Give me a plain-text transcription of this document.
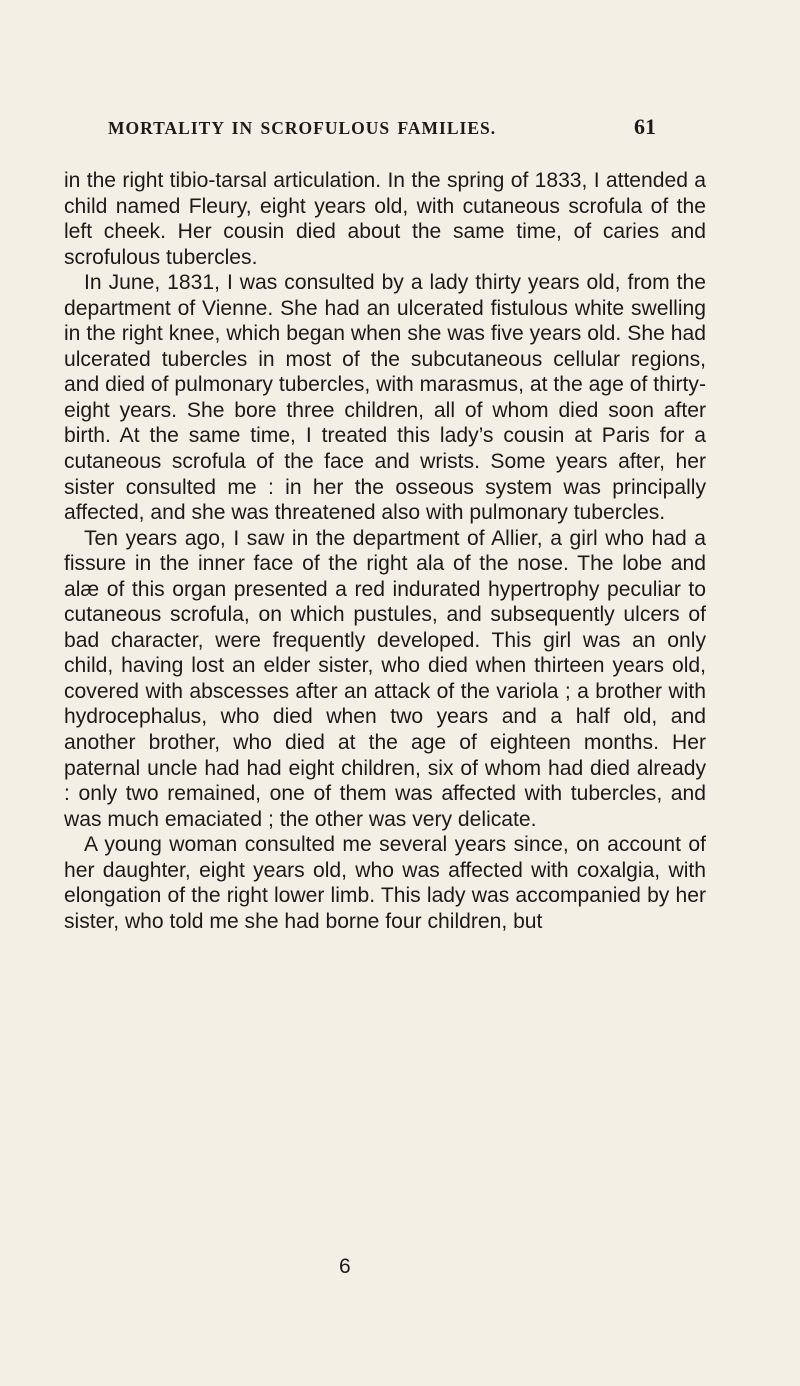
MORTALITY IN SCROFULOUS FAMILIES.	61

in the right tibio-tarsal articulation. In the spring of 1833, I attended a child named Fleury, eight years old, with cutaneous scrofula of the left cheek. Her cousin died about the same time, of caries and scrofulous tubercles.

In June, 1831, I was consulted by a lady thirty years old, from the department of Vienne. She had an ulcerated fistulous white swelling in the right knee, which began when she was five years old. She had ulcerated tubercles in most of the subcutaneous cellular regions, and died of pulmonary tubercles, with marasmus, at the age of thirty-eight years. She bore three children, all of whom died soon after birth. At the same time, I treated this lady’s cousin at Paris for a cutaneous scrofula of the face and wrists. Some years after, her sister consulted me : in her the osseous system was principally affected, and she was threatened also with pulmonary tubercles.

Ten years ago, I saw in the department of Allier, a girl who had a fissure in the inner face of the right ala of the nose. The lobe and alæ of this organ presented a red indurated hypertrophy peculiar to cutaneous scrofula, on which pustules, and subsequently ulcers of bad character, were frequently developed. This girl was an only child, having lost an elder sister, who died when thirteen years old, covered with abscesses after an attack of the variola ; a brother with hydrocephalus, who died when two years and a half old, and another brother, who died at the age of eighteen months. Her paternal uncle had had eight children, six of whom had died already : only two remained, one of them was affected with tubercles, and was much emaciated ; the other was very delicate.

A young woman consulted me several years since, on account of her daughter, eight years old, who was affected with coxalgia, with elongation of the right lower limb. This lady was accompanied by her sister, who told me she had borne four children, but

6
